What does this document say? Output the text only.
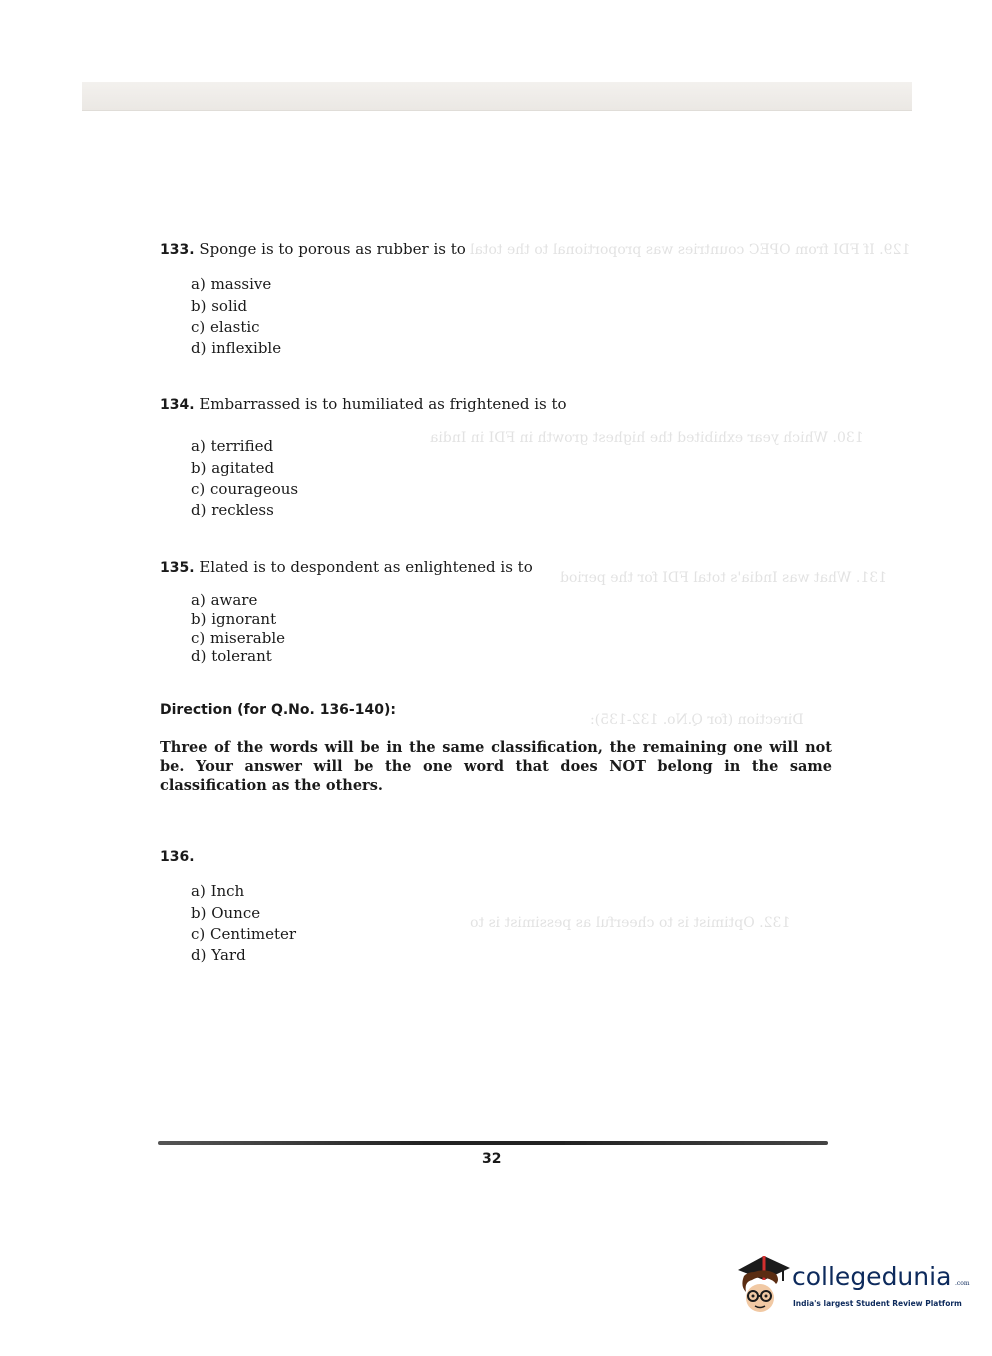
129. If FDI from OPEC countries was proportional to the total
130. Which year exhibited the highest growth in FDI in India
131. What was India's total FDI for the period
Direction (for Q.No. 132-135):
132. Optimist is to cheerful as pessimist is to
133. Sponge is to porous as rubber is to
a) massive
b) solid
c) elastic
d) inflexible
134. Embarrassed is to humiliated as frightened is to
a) terrified
b) agitated
c) courageous
d) reckless
135. Elated is to despondent as enlightened is to
a) aware
b) ignorant
c) miserable
d) tolerant
Direction (for Q.No. 136-140):
Three of the words will be in the same classification, the remaining one will not be. Your answer will be the one word that does NOT belong in the same classification as the others.
136.
a) Inch
b) Ounce
c) Centimeter
d) Yard
32
collegedunia .com
India's largest Student Review Platform
